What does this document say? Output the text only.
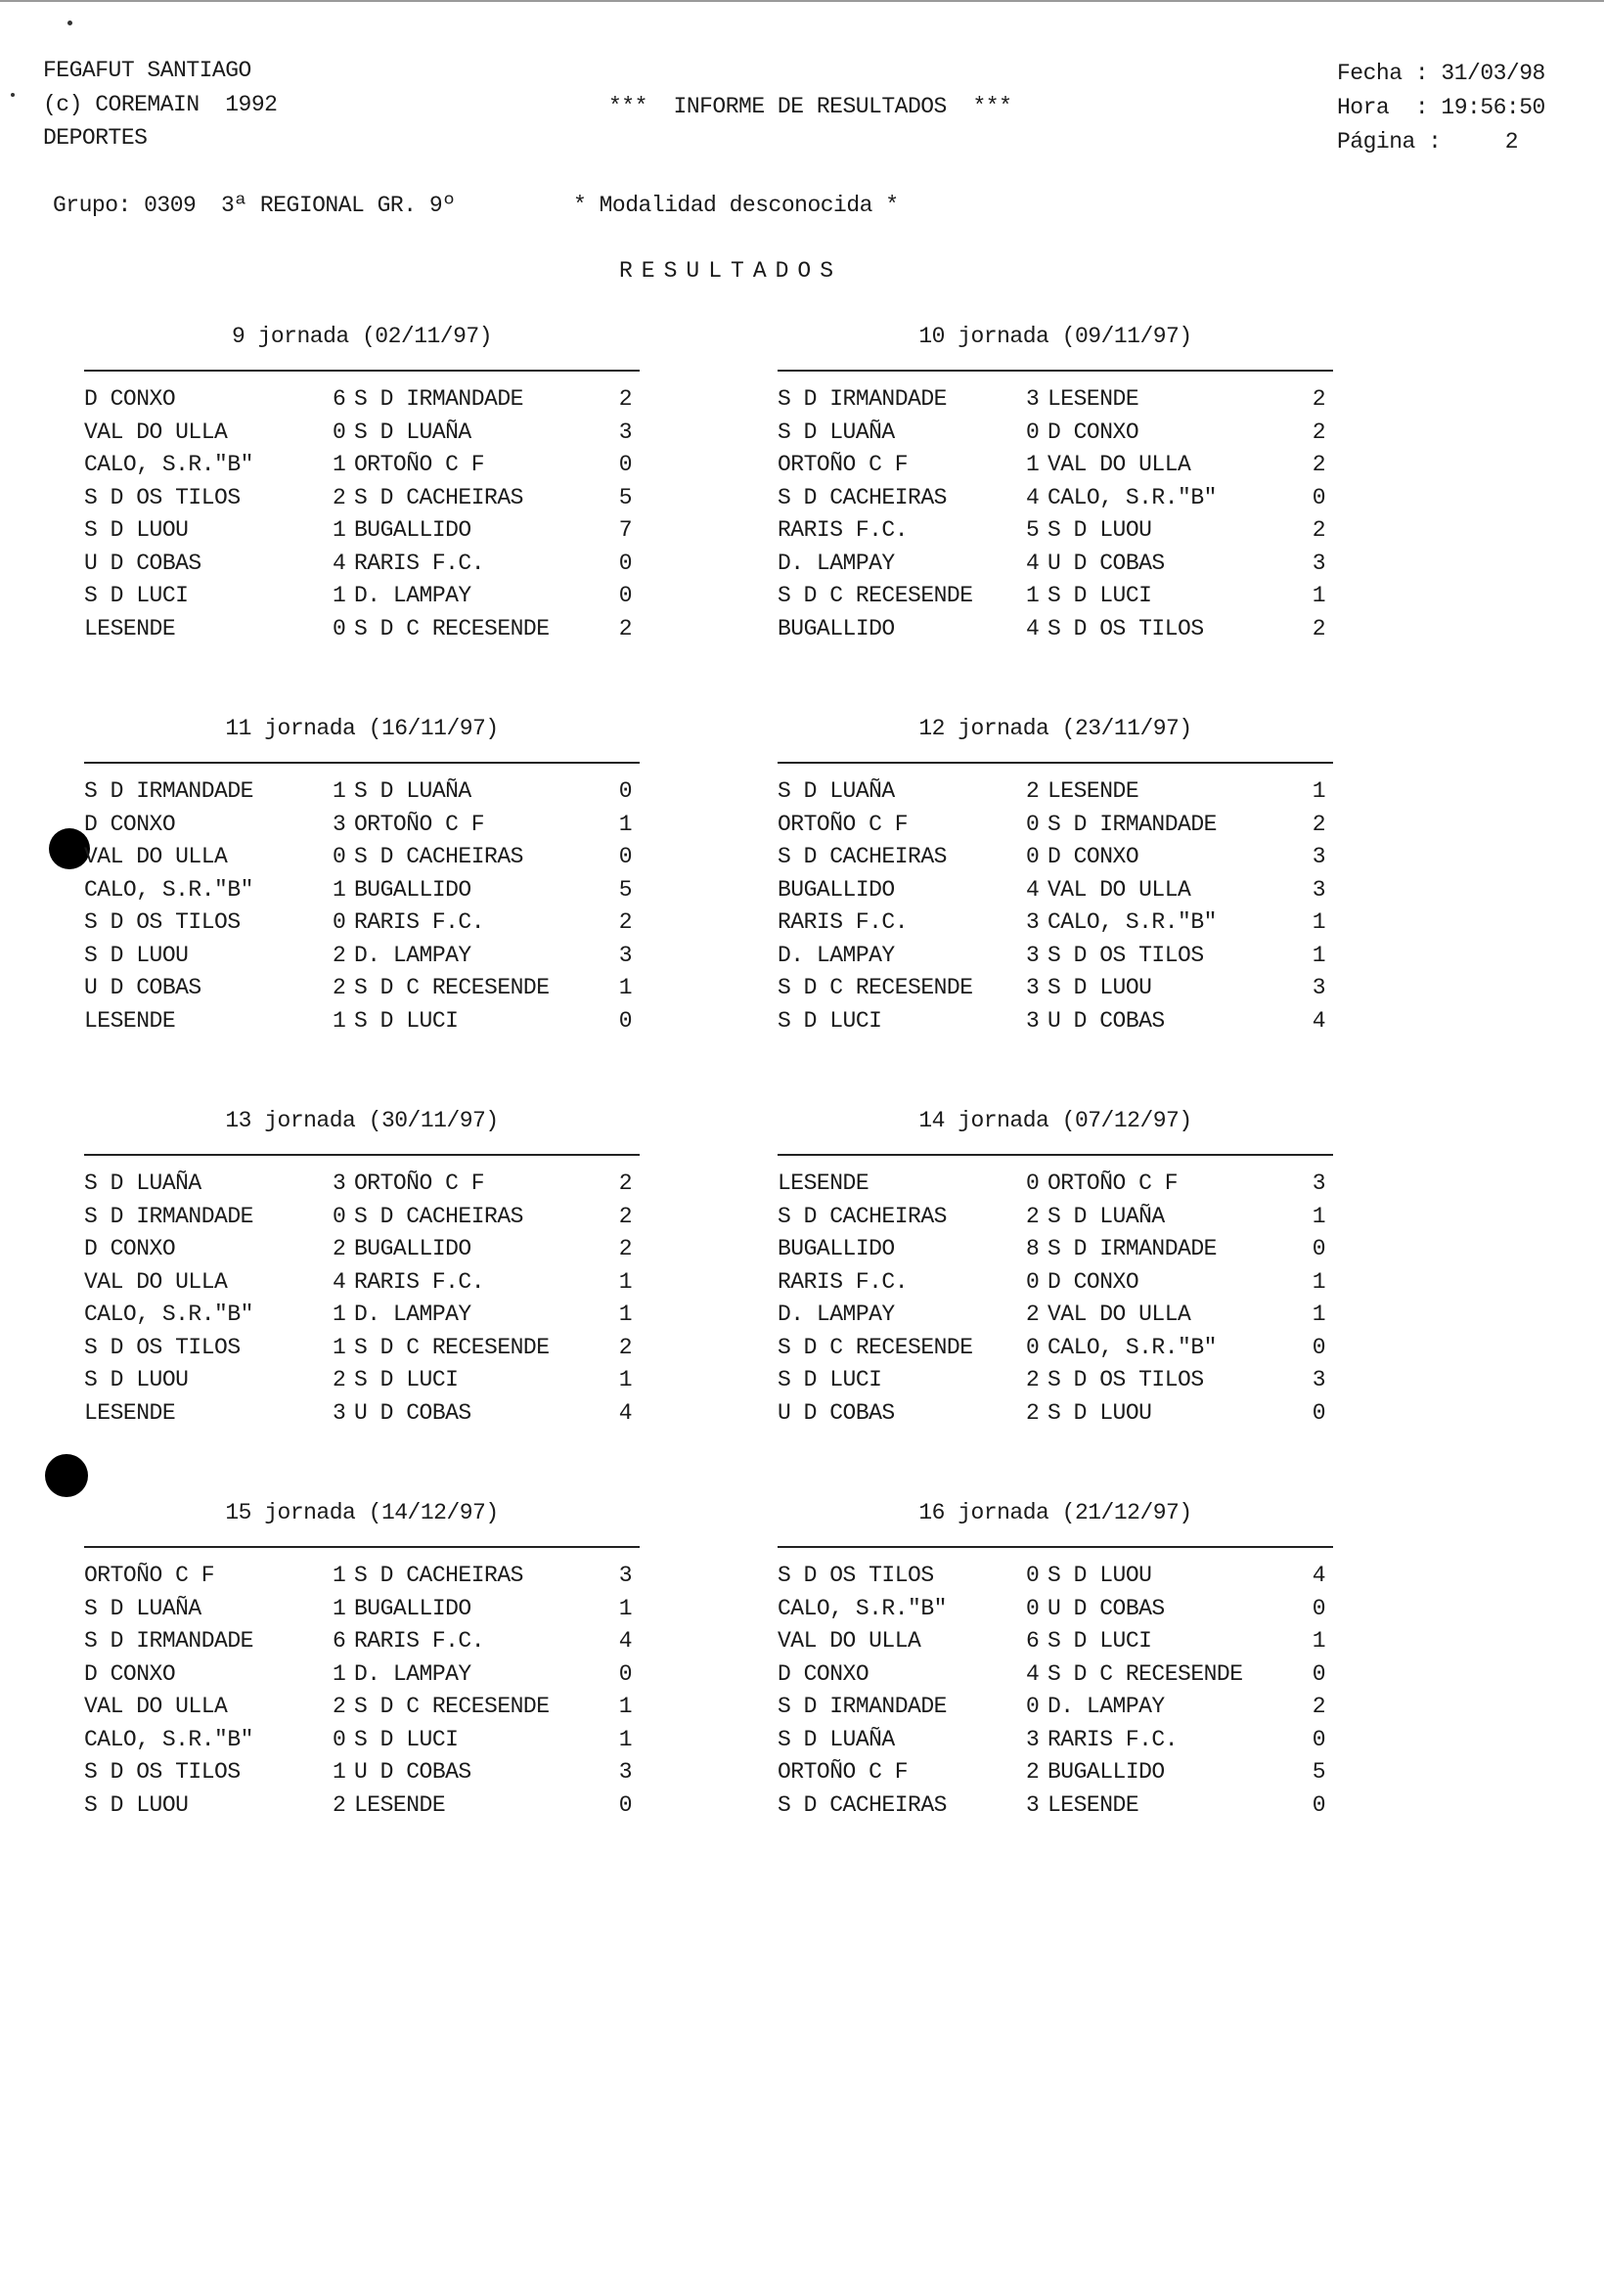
FEGAFUT SANTIAGO
(c) COREMAIN  1992
DEPORTES
***  INFORME DE RESULTADOS  ***
Fecha : 31/03/98
Hora  : 19:56:50
Página :	2
Grupo: 0309 3ª REGIONAL GR. 9º	* Modalidad desconocida *
RESULTADOS
9 jornada (02/11/97)
D CONXO	6 S D IRMANDADE	2
VAL DO ULLA	0 S D LUAÑA	3
CALO, S.R."B"	1 ORTOÑO C F	0
S D OS TILOS	2 S D CACHEIRAS	5
S D LUOU	1 BUGALLIDO	7
U D COBAS	4 RARIS F.C.	0
S D LUCI	1 D. LAMPAY	0
LESENDE	0 S D C RECESENDE	2
10 jornada (09/11/97)
S D IRMANDADE	3 LESENDE	2
S D LUAÑA	0 D CONXO	2
ORTOÑO C F	1 VAL DO ULLA	2
S D CACHEIRAS	4 CALO, S.R."B"	0
RARIS F.C.	5 S D LUOU	2
D. LAMPAY	4 U D COBAS	3
S D C RECESENDE 1 S D LUCI	1
BUGALLIDO	4 S D OS TILOS	2
11 jornada (16/11/97)
S D IRMANDADE	1 S D LUAÑA	0
D CONXO	3 ORTOÑO C F	1
VAL DO ULLA	0 S D CACHEIRAS	0
CALO, S.R."B"	1 BUGALLIDO	5
S D OS TILOS	0 RARIS F.C.	2
S D LUOU	2 D. LAMPAY	3
U D COBAS	2 S D C RECESENDE	1
LESENDE	1 S D LUCI	0
12 jornada (23/11/97)
S D LUAÑA	2 LESENDE	1
ORTOÑO C F	0 S D IRMANDADE	2
S D CACHEIRAS	0 D CONXO	3
BUGALLIDO	4 VAL DO ULLA	3
RARIS F.C.	3 CALO, S.R."B"	1
D. LAMPAY	3 S D OS TILOS	1
S D C RECESENDE 3 S D LUOU	3
S D LUCI	3 U D COBAS	4
13 jornada (30/11/97)
S D LUAÑA	3 ORTOÑO C F	2
S D IRMANDADE	0 S D CACHEIRAS	2
D CONXO	2 BUGALLIDO	2
VAL DO ULLA	4 RARIS F.C.	1
CALO, S.R."B"	1 D. LAMPAY	1
S D OS TILOS	1 S D C RECESENDE	2
S D LUOU	2 S D LUCI	1
LESENDE	3 U D COBAS	4
14 jornada (07/12/97)
LESENDE	0 ORTOÑO C F	3
S D CACHEIRAS	2 S D LUAÑA	1
BUGALLIDO	8 S D IRMANDADE	0
RARIS F.C.	0 D CONXO	1
D. LAMPAY	2 VAL DO ULLA	1
S D C RECESENDE 0 CALO, S.R."B"	0
S D LUCI	2 S D OS TILOS	3
U D COBAS	2 S D LUOU	0
15 jornada (14/12/97)
ORTOÑO C F	1 S D CACHEIRAS	3
S D LUAÑA	1 BUGALLIDO	1
S D IRMANDADE	6 RARIS F.C.	4
D CONXO	1 D. LAMPAY	0
VAL DO ULLA	2 S D C RECESENDE	1
CALO, S.R."B"	0 S D LUCI	1
S D OS TILOS	1 U D COBAS	3
S D LUOU	2 LESENDE	0
16 jornada (21/12/97)
S D OS TILOS	0 S D LUOU	4
CALO, S.R."B"	0 U D COBAS	0
VAL DO ULLA	6 S D LUCI	1
D CONXO	4 S D C RECESENDE	0
S D IRMANDADE	0 D. LAMPAY	2
S D LUAÑA	3 RARIS F.C.	0
ORTOÑO C F	2 BUGALLIDO	5
S D CACHEIRAS	3 LESENDE	0
